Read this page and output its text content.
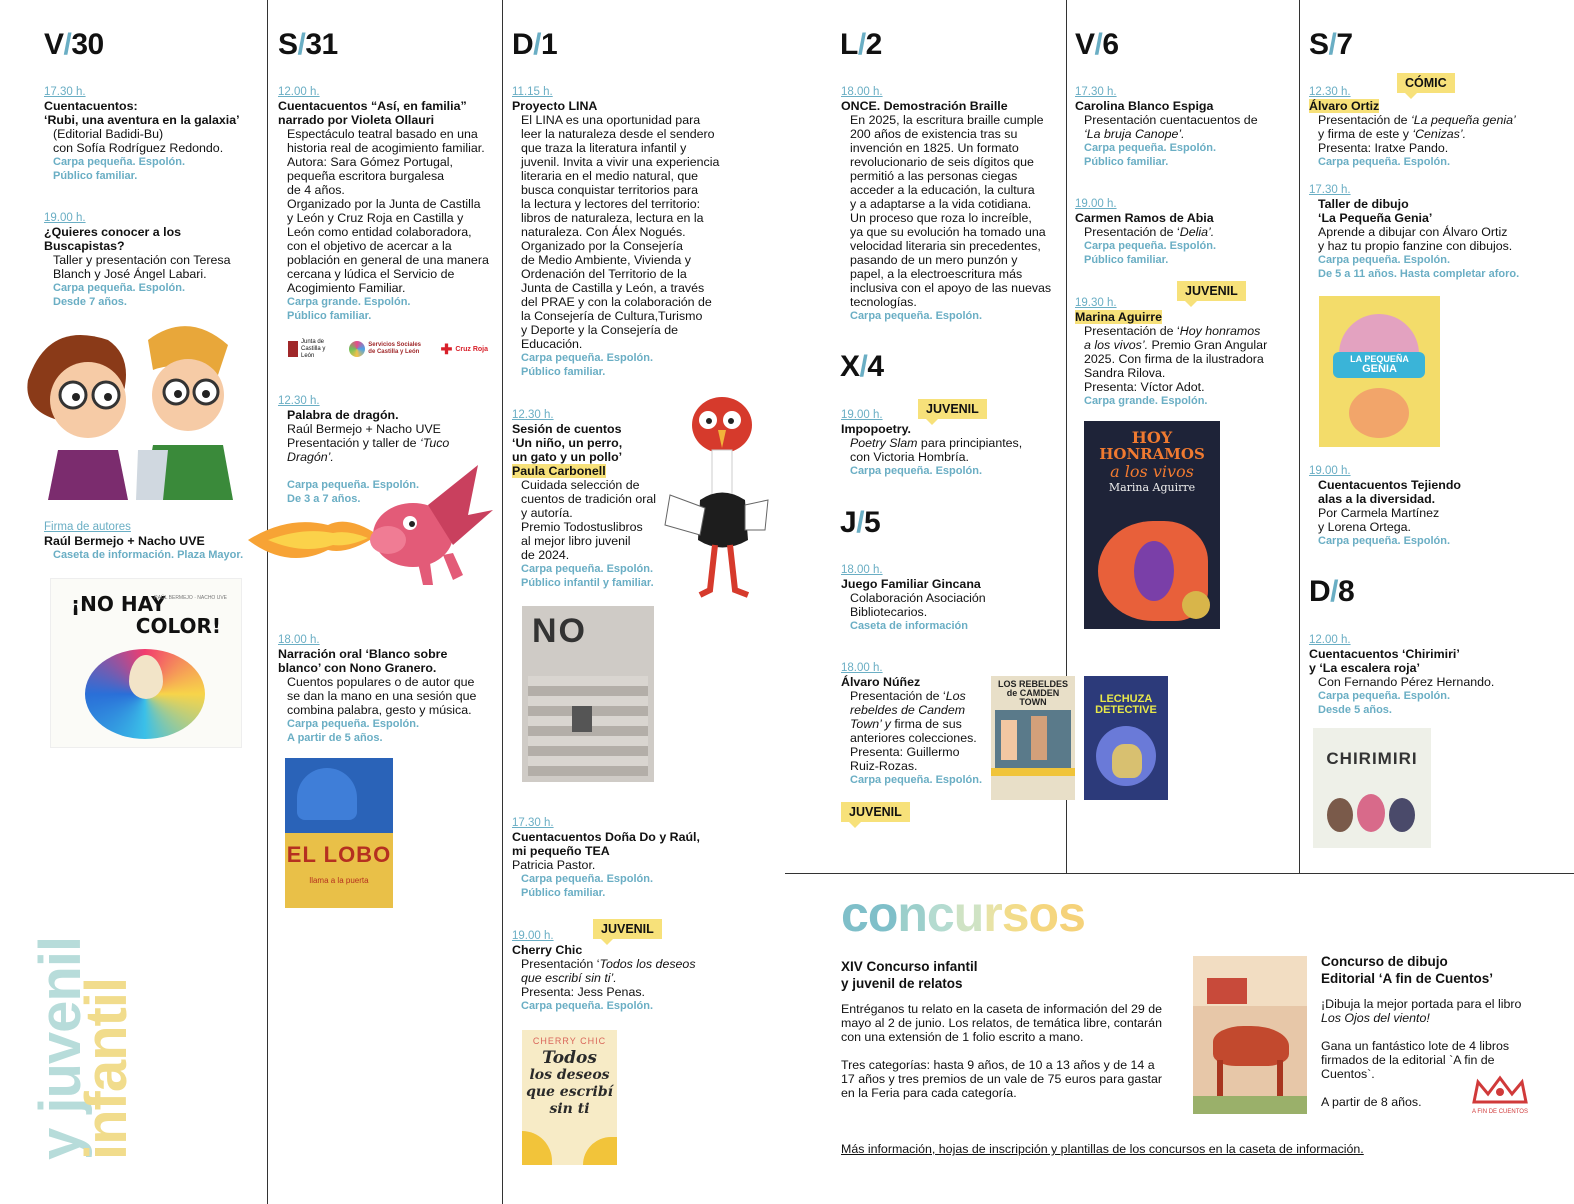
V/30	S/31	D/1	L/2
X/4
J/5
V/6	S/7
D/8
17.30 h.
Cuentacuentos:
‘Rubi, una aventura en la galaxia’
(Editorial Badidi-Bu)
con Sofía Rodríguez Redondo.
Carpa pequeña. Espolón.
Público familiar.
19.00 h.
¿Quieres conocer a los
Buscapistas?
Taller y presentación con Teresa
Blanch y José Ángel Labari.
Carpa pequeña. Espolón.
Desde 7 años.
Firma de autores
Raúl Bermejo + Nacho UVE
Caseta de información. Plaza Mayor.
¡NO HAY
COLOR!
RAÚL BERMEJO · NACHO UVE
y juvenil
infantil
12.00 h.
Cuentacuentos “Así, en familia”
narrado por Violeta Ollauri
Espectáculo teatral basado en una
historia real de acogimiento familiar.
Autora: Sara Gómez Portugal,
pequeña escritora burgalesa
de 4 años.
Organizado por la Junta de Castilla
y León y Cruz Roja en Castilla y
León como entidad colaboradora,
con el objetivo de acercar a la
población en general de una manera
cercana y lúdica el Servicio de
Acogimiento Familiar.
Carpa grande. Espolón.
Público familiar.
Junta de Castilla y León
Servicios Sociales de Castilla y León	✚ Cruz Roja
12.30 h.
Palabra de dragón.
Raúl Bermejo + Nacho UVE
Presentación y taller de ‘Tuco
Dragón’.
Carpa pequeña. Espolón.
De 3 a 7 años.
18.00 h.
Narración oral ‘Blanco sobre
blanco’ con Nono Granero.
Cuentos populares o de autor que
se dan la mano en una sesión que
combina palabra, gesto y música.
Carpa pequeña. Espolón.
A partir de 5 años.
EL LOBO
llama a la puerta
11.15 h.
Proyecto LINA
El LINA es una oportunidad para
leer la naturaleza desde el sendero
que traza la literatura infantil y
juvenil. Invita a vivir una experiencia
literaria en el medio natural, que
busca conquistar territorios para
la lectura y lectores del territorio:
libros de naturaleza, lectura en la
naturaleza. Con Álex Nogués.
Organizado por la Consejería
de Medio Ambiente, Vivienda y
Ordenación del Territorio de la
Junta de Castilla y León, a través
del PRAE y con la colaboración de
la Consejería de Cultura,Turismo
y Deporte y la Consejería de
Educación.
Carpa pequeña. Espolón.
Público familiar.
12.30 h.
Sesión de cuentos
‘Un niño, un perro,
un gato y un pollo’
Paula Carbonell
Cuidada selección de
cuentos de tradición oral
y autoría.
Premio Todostuslibros
al mejor libro juvenil
de 2024.
Carpa pequeña. Espolón.
Público infantil y familiar.
NO
17.30 h.
Cuentacuentos Doña Do y Raúl,
mi pequeño TEA
Patricia Pastor.
Carpa pequeña. Espolón.
Público familiar.
JUVENIL
19.00 h.
Cherry Chic
Presentación ‘Todos los deseos
que escribí sin ti’.
Presenta: Jess Penas.
Carpa pequeña. Espolón.
CHERRY CHIC
Todos
los deseos
que escribí
sin ti
18.00 h.
ONCE. Demostración Braille
En 2025, la escritura braille cumple
200 años de existencia tras su
invención en 1825. Un formato
revolucionario de seis dígitos que
permitió a las personas ciegas
acceder a la educación, la cultura
y a adaptarse a la vida cotidiana.
Un proceso que roza lo increíble,
ya que su evolución ha tomado una
velocidad literaria sin precedentes,
pasando de un mero punzón y
papel, a la electroescritura más
inclusiva con el apoyo de las nuevas
tecnologías.
Carpa pequeña. Espolón.
JUVENIL
19.00 h.
Impopoetry.
Poetry Slam para principiantes,
con Victoria Hombría.
Carpa pequeña. Espolón.
18.00 h.
Juego Familiar Gincana
Colaboración Asociación
Bibliotecarios.
Caseta de información
18.00 h.
Álvaro Núñez
Presentación de ‘Los
rebeldes de Candem
Town’ y firma de sus
anteriores colecciones.
Presenta: Guillermo
Ruiz-Rozas.
Carpa pequeña. Espolón.
JUVENIL
LOS REBELDES de CAMDEN TOWN	LECHUZA DETECTIVE
17.30 h.
Carolina Blanco Espiga
Presentación cuentacuentos de
‘La bruja Canope’.
Carpa pequeña. Espolón.
Público familiar.
19.00 h.
Carmen Ramos de Abia
Presentación de ‘Delia’.
Carpa pequeña. Espolón.
Público familiar.
JUVENIL
19.30 h.
Marina Aguirre
Presentación de ‘Hoy honramos
a los vivos’. Premio Gran Angular
2025. Con firma de la ilustradora
Sandra Rilova.
Presenta: Víctor Adot.
Carpa grande. Espolón.
HOY
HONRAMOS
a los vivos
Marina Aguirre
CÓMIC
12.30 h.
Álvaro Ortiz
Presentación de ‘La pequeña genia’
y firma de este y ‘Cenizas’.
Presenta: Iratxe Pando.
Carpa pequeña. Espolón.
17.30 h.
Taller de dibujo
‘La Pequeña Genia’
Aprende a dibujar con Álvaro Ortiz
y haz tu propio fanzine con dibujos.
Carpa pequeña. Espolón.
De 5 a 11 años. Hasta completar aforo.
LA PEQUEÑA
GENIA
19.00 h.
Cuentacuentos Tejiendo
alas a la diversidad.
Por Carmela Martínez
y Lorena Ortega.
Carpa pequeña. Espolón.
12.00 h.
Cuentacuentos ‘Chirimiri’
y ‘La escalera roja’
Con Fernando Pérez Hernando.
Carpa pequeña. Espolón.
Desde 5 años.
CHIRIMIRI
concursos
XIV Concurso infantil
y juvenil de relatos
Entréganos tu relato en la caseta de información del 29 de
mayo al 2 de junio. Los relatos, de temática libre, contarán
con una extensión de 1 folio escrito a mano.
Tres categorías: hasta 9 años, de 10 a 13 años y de 14 a
17 años y tres premios de un vale de 75 euros para gastar
en la Feria para cada categoría.
Concurso de dibujo
Editorial ‘A fin de Cuentos’
¡Dibuja la mejor portada para el libro
Los Ojos del viento!
Gana un fantástico lote de 4 libros
firmados de la editorial `A fin de
Cuentos`.
A partir de 8 años.
A FIN DE CUENTOS
Más información, hojas de inscripción y plantillas de los concursos en la caseta de información.
